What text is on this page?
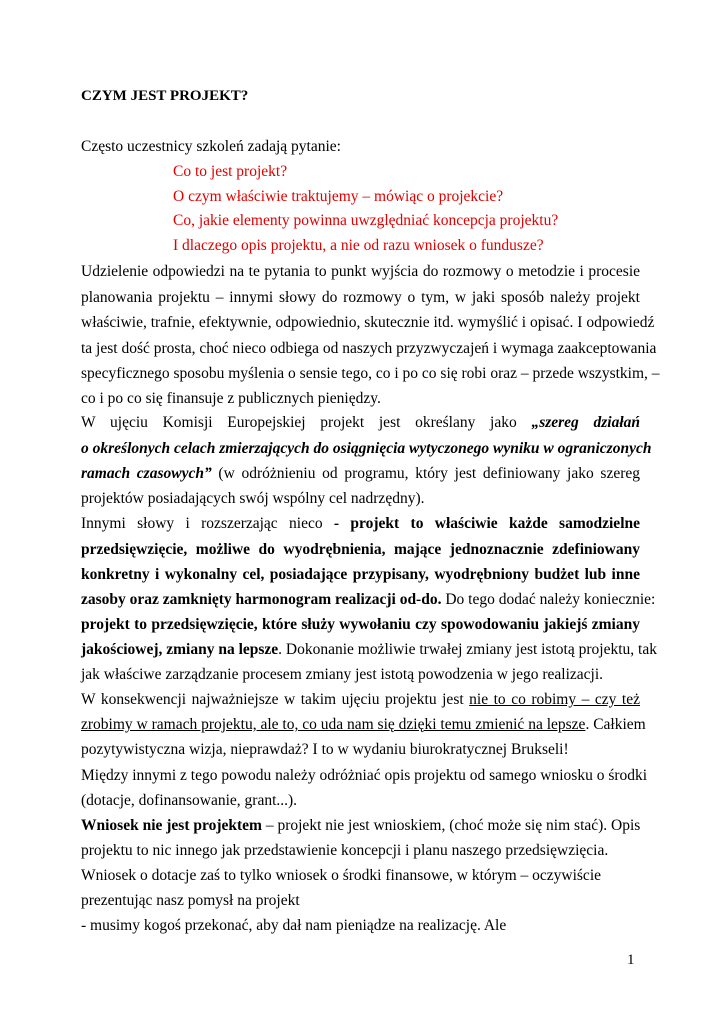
CZYM JEST PROJEKT?

Często uczestnicy szkoleń zadają pytanie:

Co to jest projekt?

O czym właściwie traktujemy – mówiąc o projekcie?

Co, jakie elementy powinna uwzględniać koncepcja projektu?

I dlaczego opis projektu, a nie od razu wniosek o fundusze?

Udzielenie odpowiedzi na te pytania to punkt wyjścia do rozmowy o metodzie i procesie

planowania projektu – innymi słowy do rozmowy o tym, w jaki sposób należy projekt

właściwie, trafnie, efektywnie, odpowiednio, skutecznie itd. wymyślić i opisać. I odpowiedź

ta jest dość prosta, choć nieco odbiega od naszych przyzwyczajeń i wymaga zaakceptowania

specyficznego sposobu myślenia o sensie tego, co i po co się robi oraz – przede wszystkim, –

co i po co się finansuje z publicznych pieniędzy.

W ujęciu Komisji Europejskiej projekt jest określany jako „szereg działań

o określonych celach zmierzających do osiągnięcia wytyczonego wyniku w ograniczonych

ramach czasowych” (w odróżnieniu od programu, który jest definiowany jako szereg

projektów posiadających swój wspólny cel nadrzędny).

Innymi słowy i rozszerzając nieco - projekt to właściwie każde samodzielne

przedsięwzięcie, możliwe do wyodrębnienia, mające jednoznacznie zdefiniowany

konkretny i wykonalny cel, posiadające przypisany, wyodrębniony budżet lub inne

zasoby oraz zamknięty harmonogram realizacji od-do. Do tego dodać należy koniecznie:

projekt to przedsięwzięcie, które służy wywołaniu czy spowodowaniu jakiejś zmiany

jakościowej, zmiany na lepsze. Dokonanie możliwie trwałej zmiany jest istotą projektu, tak

jak właściwe zarządzanie procesem zmiany jest istotą powodzenia w jego realizacji.

W konsekwencji najważniejsze w takim ujęciu projektu jest nie to co robimy – czy też

zrobimy w ramach projektu, ale to, co uda nam się dzięki temu zmienić na lepsze. Całkiem

pozytywistyczna wizja, nieprawdaż? I to w wydaniu biurokratycznej Brukseli!

Między innymi z tego powodu należy odróżniać opis projektu od samego wniosku o środki

(dotacje, dofinansowanie, grant...).

Wniosek nie jest projektem – projekt nie jest wnioskiem, (choć może się nim stać). Opis

projektu to nic innego jak przedstawienie koncepcji i planu naszego przedsięwzięcia.

Wniosek o dotacje zaś to tylko wniosek o środki finansowe, w którym – oczywiście

prezentując nasz pomysł na projekt

- musimy kogoś przekonać, aby dał nam pieniądze na realizację. Ale

1
